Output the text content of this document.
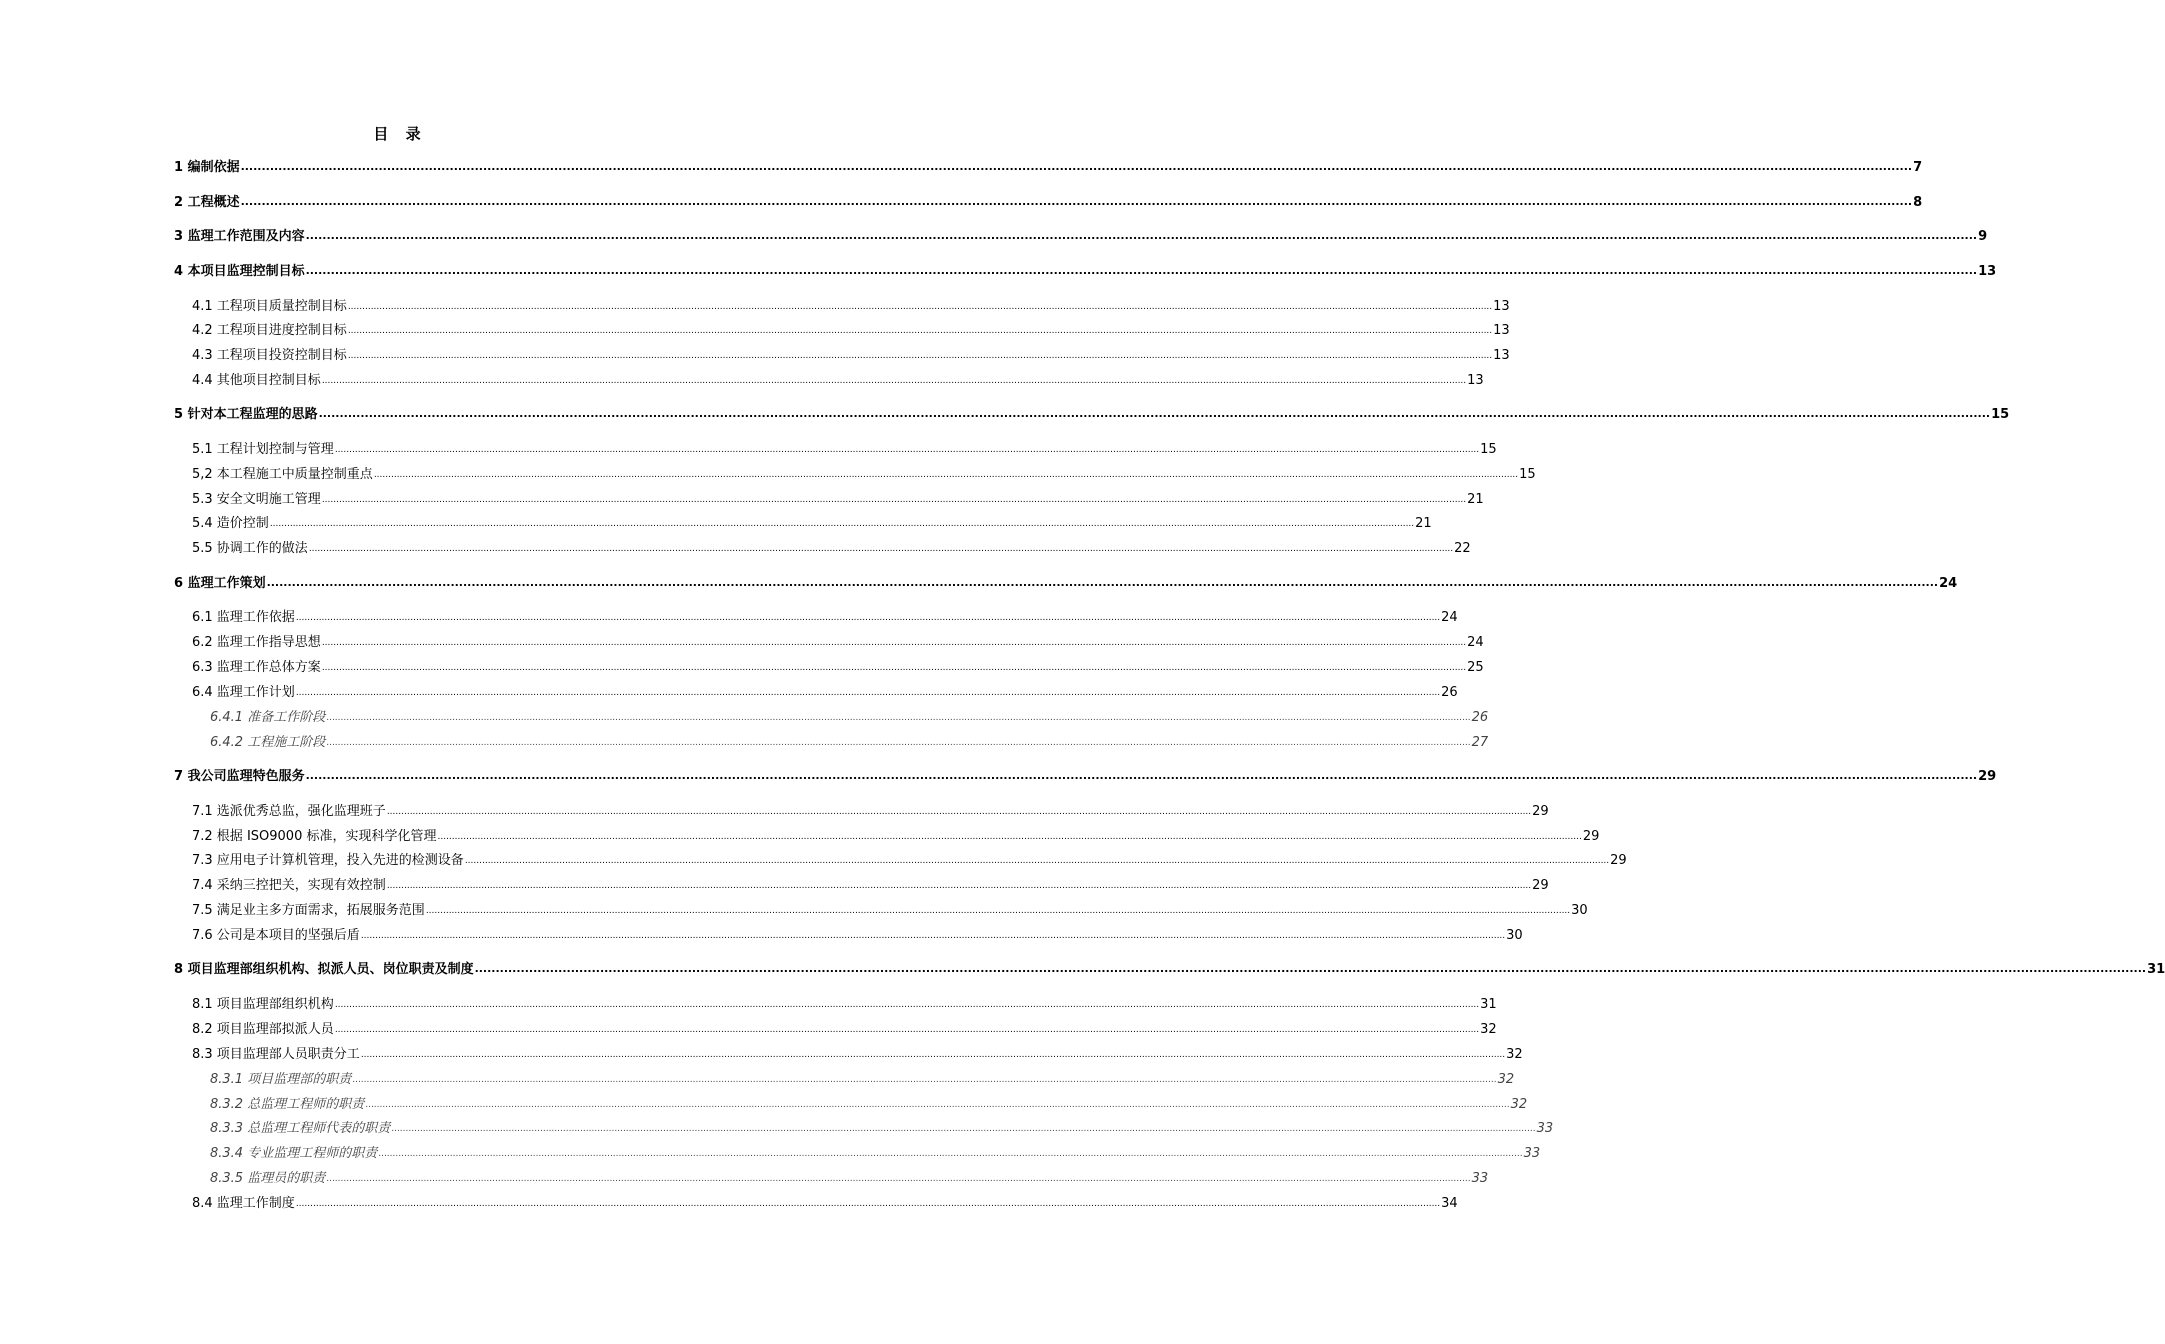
目 录
1 编制依据 ................................................................................................................................................................................................................................................................................................................................................................................................................ 7
2 工程概述 ................................................................................................................................................................................................................................................................................................................................................................................................................ 8
3 监理工作范围及内容 ................................................................................................................................................................................................................................................................................................................................................................................................................ 9
4 本项目监理控制目标 ................................................................................................................................................................................................................................................................................................................................................................................................................ 13
4.1 工程项目质量控制目标 ................................................................................................................................................................................................................................................................................................................................................................................................................ 13
4.2 工程项目进度控制目标 ................................................................................................................................................................................................................................................................................................................................................................................................................ 13
4.3 工程项目投资控制目标 ................................................................................................................................................................................................................................................................................................................................................................................................................ 13
4.4 其他项目控制目标 ................................................................................................................................................................................................................................................................................................................................................................................................................ 13
5 针对本工程监理的思路 ................................................................................................................................................................................................................................................................................................................................................................................................................ 15
5.1 工程计划控制与管理 ................................................................................................................................................................................................................................................................................................................................................................................................................ 15
5,2 本工程施工中质量控制重点 ................................................................................................................................................................................................................................................................................................................................................................................................................ 15
5.3 安全文明施工管理 ................................................................................................................................................................................................................................................................................................................................................................................................................ 21
5.4 造价控制 ................................................................................................................................................................................................................................................................................................................................................................................................................ 21
5.5 协调工作的做法 ................................................................................................................................................................................................................................................................................................................................................................................................................ 22
6 监理工作策划 ................................................................................................................................................................................................................................................................................................................................................................................................................ 24
6.1 监理工作依据 ................................................................................................................................................................................................................................................................................................................................................................................................................ 24
6.2 监理工作指导思想 ................................................................................................................................................................................................................................................................................................................................................................................................................ 24
6.3 监理工作总体方案 ................................................................................................................................................................................................................................................................................................................................................................................................................ 25
6.4 监理工作计划 ................................................................................................................................................................................................................................................................................................................................................................................................................ 26
6.4.1 准备工作阶段 ................................................................................................................................................................................................................................................................................................................................................................................................................ 26
6.4.2 工程施工阶段 ................................................................................................................................................................................................................................................................................................................................................................................................................ 27
7 我公司监理特色服务 ................................................................................................................................................................................................................................................................................................................................................................................................................ 29
7.1 选派优秀总监，强化监理班子 ................................................................................................................................................................................................................................................................................................................................................................................................................ 29
7.2 根据 ISO9000 标准，实现科学化管理 ................................................................................................................................................................................................................................................................................................................................................................................................................ 29
7.3 应用电子计算机管理，投入先进的检测设备 ................................................................................................................................................................................................................................................................................................................................................................................................................ 29
7.4 采纳三控把关，实现有效控制 ................................................................................................................................................................................................................................................................................................................................................................................................................ 29
7.5 满足业主多方面需求，拓展服务范围 ................................................................................................................................................................................................................................................................................................................................................................................................................ 30
7.6 公司是本项目的坚强后盾 ................................................................................................................................................................................................................................................................................................................................................................................................................ 30
8 项目监理部组织机构、拟派人员、岗位职责及制度 ................................................................................................................................................................................................................................................................................................................................................................................................................ 31
8.1 项目监理部组织机构 ................................................................................................................................................................................................................................................................................................................................................................................................................ 31
8.2 项目监理部拟派人员 ................................................................................................................................................................................................................................................................................................................................................................................................................ 32
8.3 项目监理部人员职责分工 ................................................................................................................................................................................................................................................................................................................................................................................................................ 32
8.3.1 项目监理部的职责 ................................................................................................................................................................................................................................................................................................................................................................................................................ 32
8.3.2 总监理工程师的职责 ................................................................................................................................................................................................................................................................................................................................................................................................................ 32
8.3.3 总监理工程师代表的职责 ................................................................................................................................................................................................................................................................................................................................................................................................................ 33
8.3.4 专业监理工程师的职责 ................................................................................................................................................................................................................................................................................................................................................................................................................ 33
8.3.5 监理员的职责 ................................................................................................................................................................................................................................................................................................................................................................................................................ 33
8.4 监理工作制度 ................................................................................................................................................................................................................................................................................................................................................................................................................ 34
